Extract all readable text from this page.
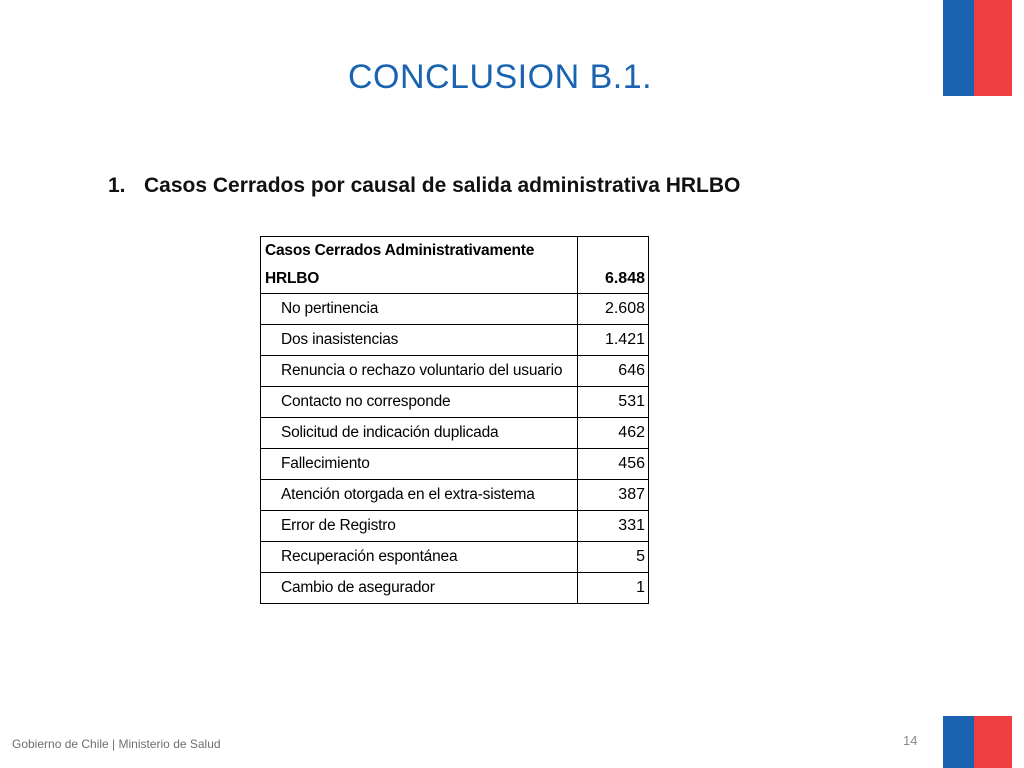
CONCLUSION B.1.
1. Casos Cerrados por causal de salida administrativa HRLBO
Casos Cerrados Administrativamente HRLBO	6.848
No pertinencia	2.608
Dos inasistencias	1.421
Renuncia o rechazo voluntario del usuario	646
Contacto no corresponde	531
Solicitud de indicación duplicada	462
Fallecimiento	456
Atención otorgada en el extra-sistema	387
Error de Registro	331
Recuperación espontánea	5
Cambio de asegurador	1
Gobierno de Chile | Ministerio de Salud	14
